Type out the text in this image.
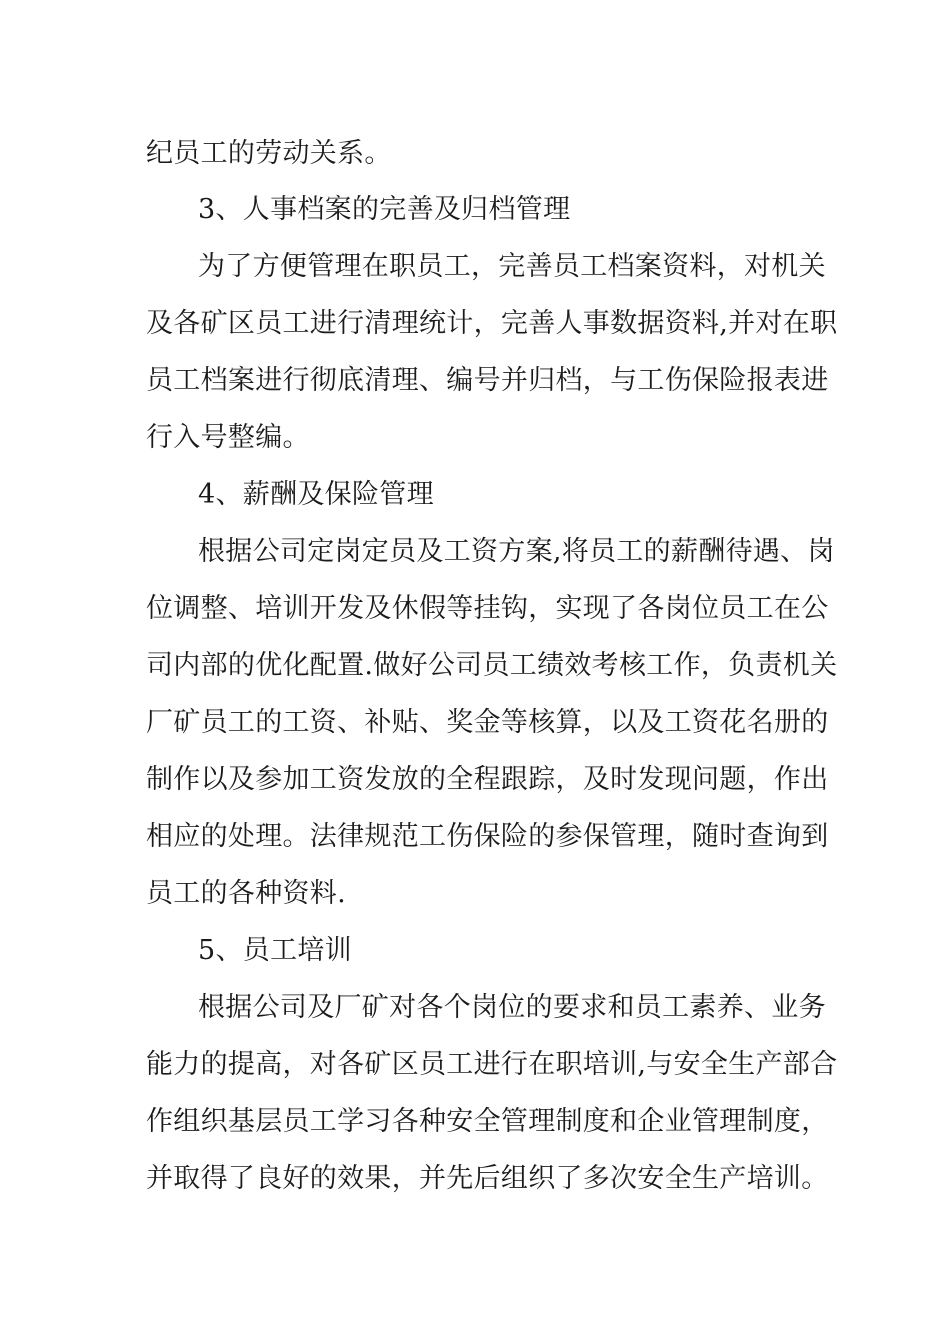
纪员工的劳动关系。
3、人事档案的完善及归档管理
为了方便管理在职员工，完善员工档案资料，对机关
及各矿区员工进行清理统计，完善人事数据资料,并对在职
员工档案进行彻底清理、编号并归档，与工伤保险报表进
行入号整编。
4、薪酬及保险管理
根据公司定岗定员及工资方案,将员工的薪酬待遇、岗
位调整、培训开发及休假等挂钩，实现了各岗位员工在公
司内部的优化配置.做好公司员工绩效考核工作，负责机关
厂矿员工的工资、补贴、奖金等核算，以及工资花名册的
制作以及参加工资发放的全程跟踪，及时发现问题，作出
相应的处理。法律规范工伤保险的参保管理，随时查询到
员工的各种资料.
5、员工培训
根据公司及厂矿对各个岗位的要求和员工素养、业务
能力的提高，对各矿区员工进行在职培训,与安全生产部合
作组织基层员工学习各种安全管理制度和企业管理制度，
并取得了良好的效果，并先后组织了多次安全生产培训。
